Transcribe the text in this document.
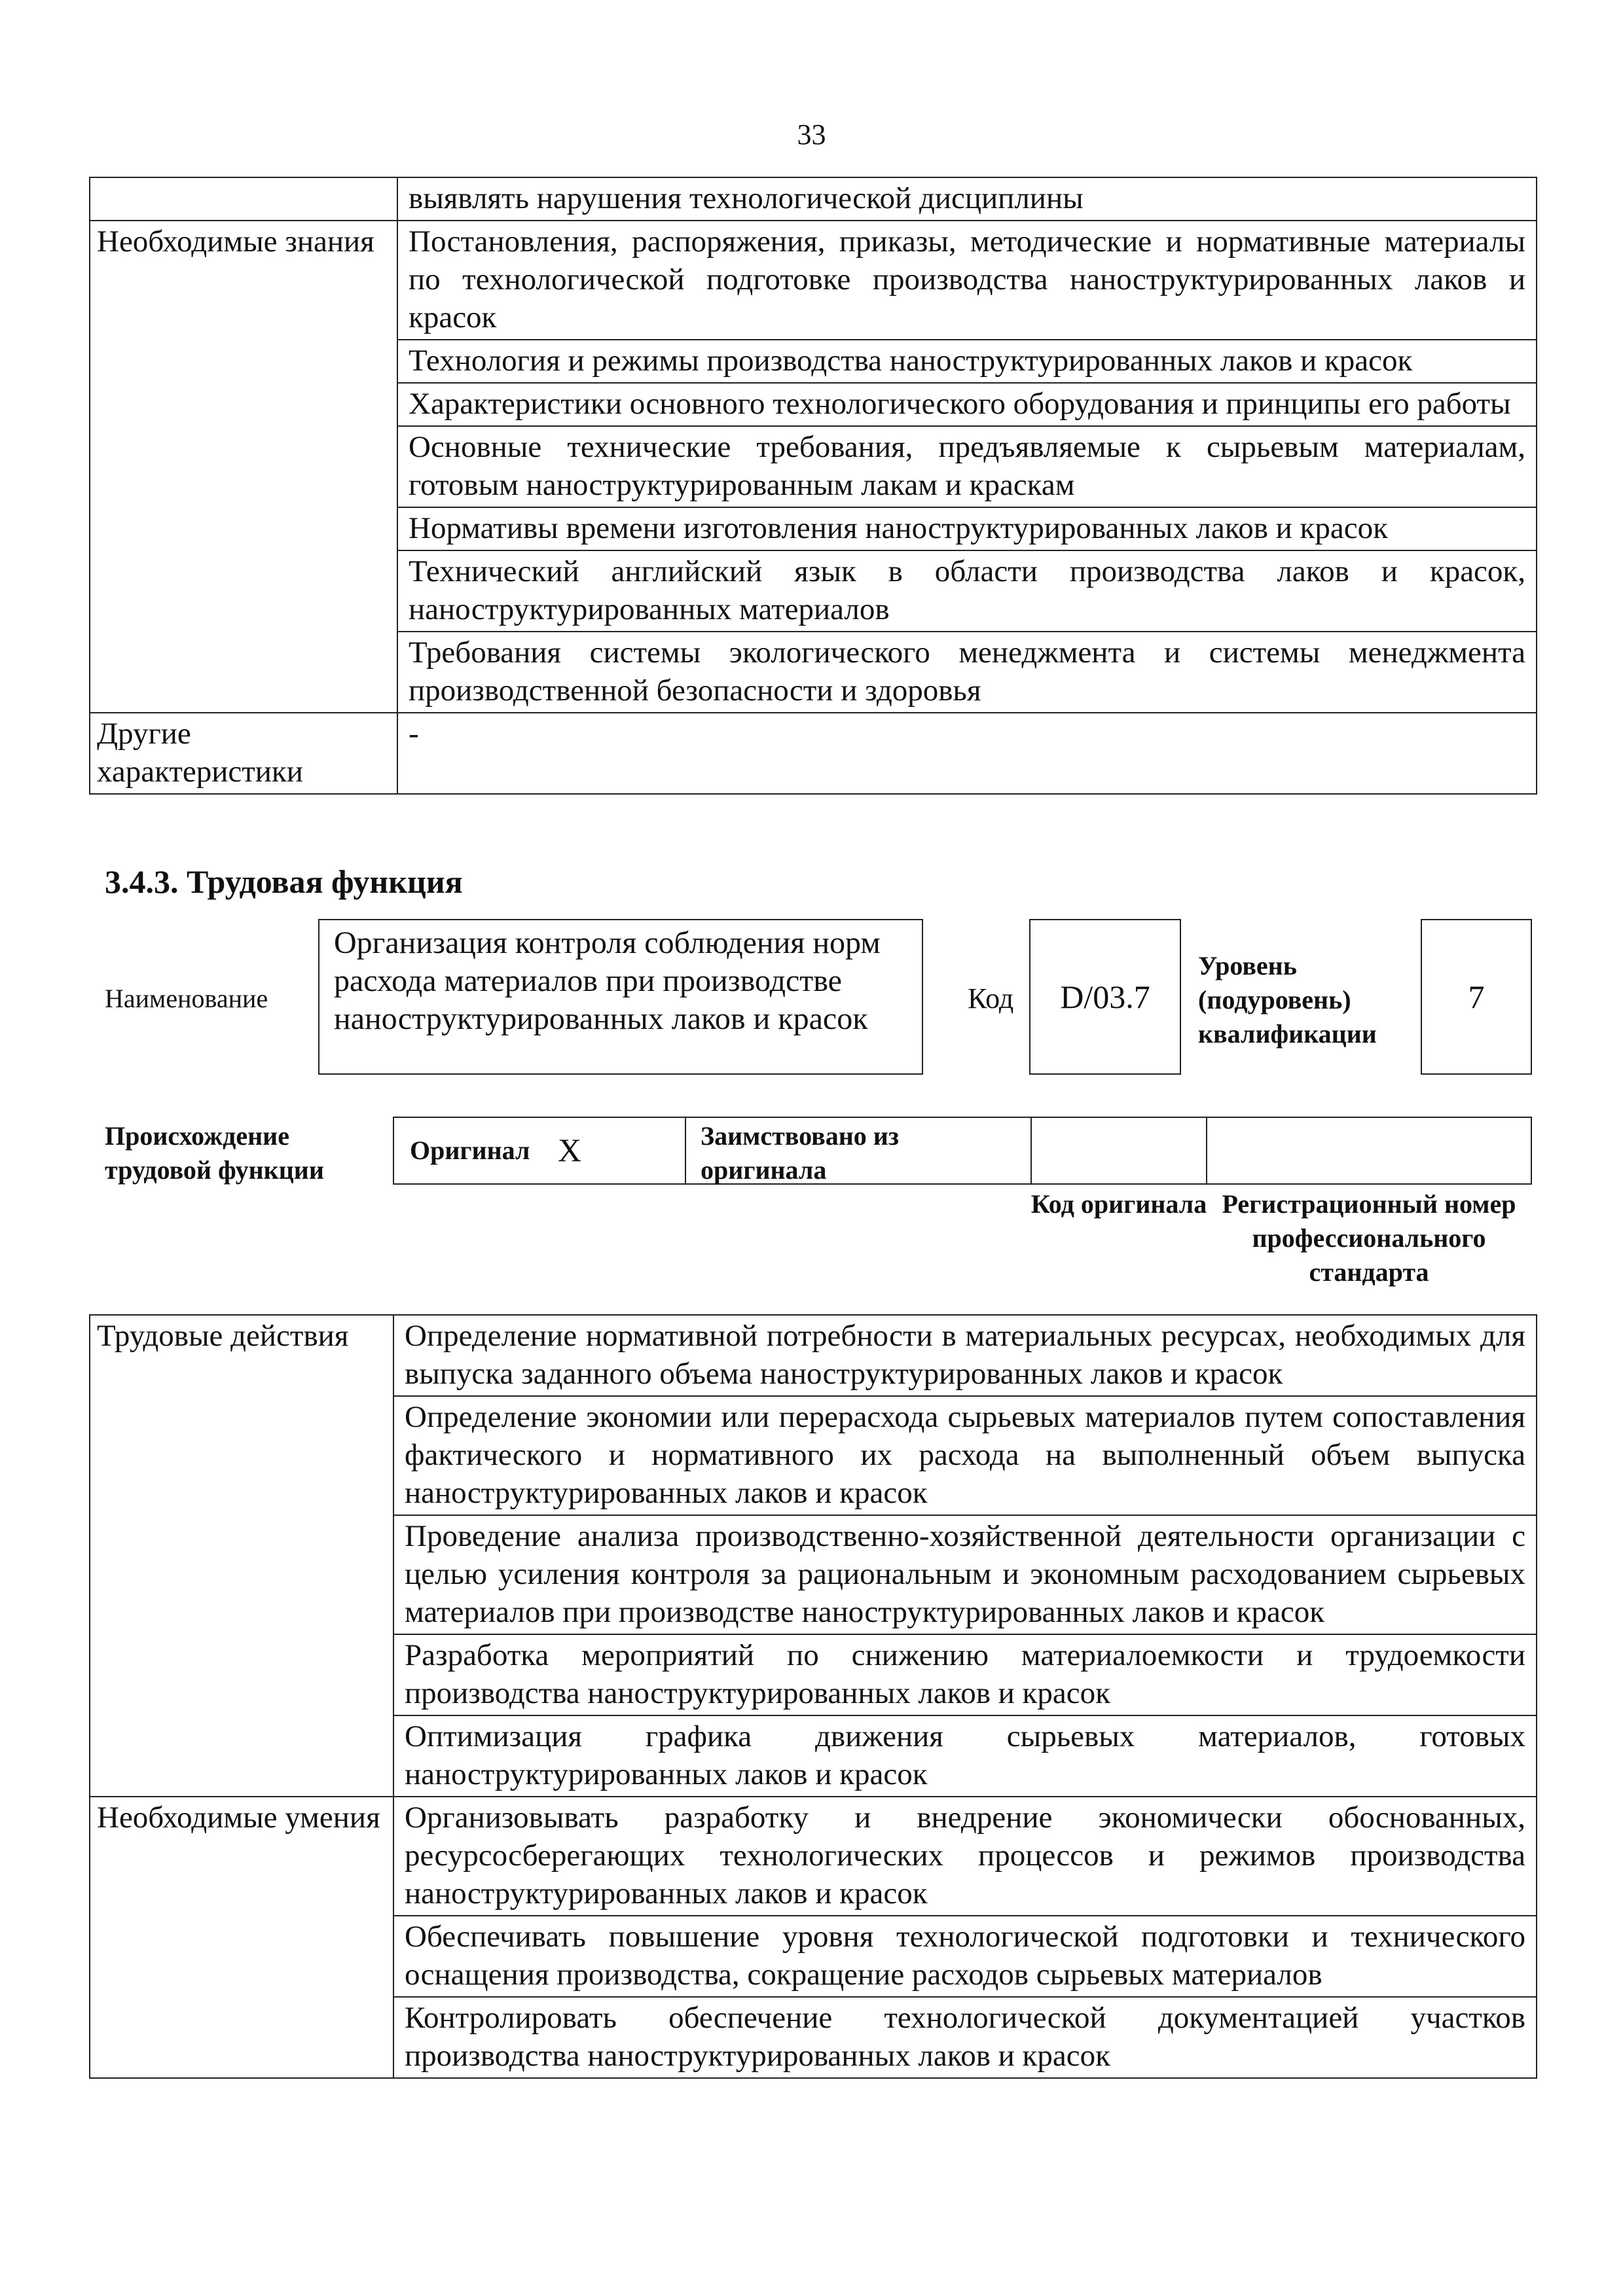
33
	выявлять нарушения технологической дисциплины
Необходимые знания	Постановления, распоряжения, приказы, методические и нормативные материалы по технологической подготовке производства наноструктурированных лаков и красок
	Технология и режимы производства наноструктурированных лаков и красок
	Характеристики основного технологического оборудования и принципы его работы
	Основные технические требования, предъявляемые к сырьевым материалам, готовым наноструктурированным лакам и краскам
	Нормативы времени изготовления наноструктурированных лаков и красок
	Технический английский язык в области производства лаков и красок, наноструктурированных материалов
	Требования системы экологического менеджмента и системы менеджмента производственной безопасности и здоровья
Другие характеристики	-
3.4.3. Трудовая функция
Наименование
Организация контроля соблюдения норм расхода материалов при производстве наноструктурированных лаков и красок
Код D/03.7
Уровень (подуровень) квалификации
7
Происхождение трудовой функции
Оригинал X	Заимствовано из оригинала
Код оригинала Регистрационный номер профессионального стандарта
Трудовые действия	Определение нормативной потребности в материальных ресурсах, необходимых для выпуска заданного объема наноструктурированных лаков и красок
	Определение экономии или перерасхода сырьевых материалов путем сопоставления фактического и нормативного их расхода на выполненный объем выпуска наноструктурированных лаков и красок
	Проведение анализа производственно-хозяйственной деятельности организации с целью усиления контроля за рациональным и экономным расходованием сырьевых материалов при производстве наноструктурированных лаков и красок
	Разработка мероприятий по снижению материалоемкости и трудоемкости производства наноструктурированных лаков и красок
	Оптимизация графика движения сырьевых материалов, готовых наноструктурированных лаков и красок
Необходимые умения	Организовывать разработку и внедрение экономически обоснованных, ресурсосберегающих технологических процессов и режимов производства наноструктурированных лаков и красок
	Обеспечивать повышение уровня технологической подготовки и технического оснащения производства, сокращение расходов сырьевых материалов
	Контролировать обеспечение технологической документацией участков производства наноструктурированных лаков и красок
